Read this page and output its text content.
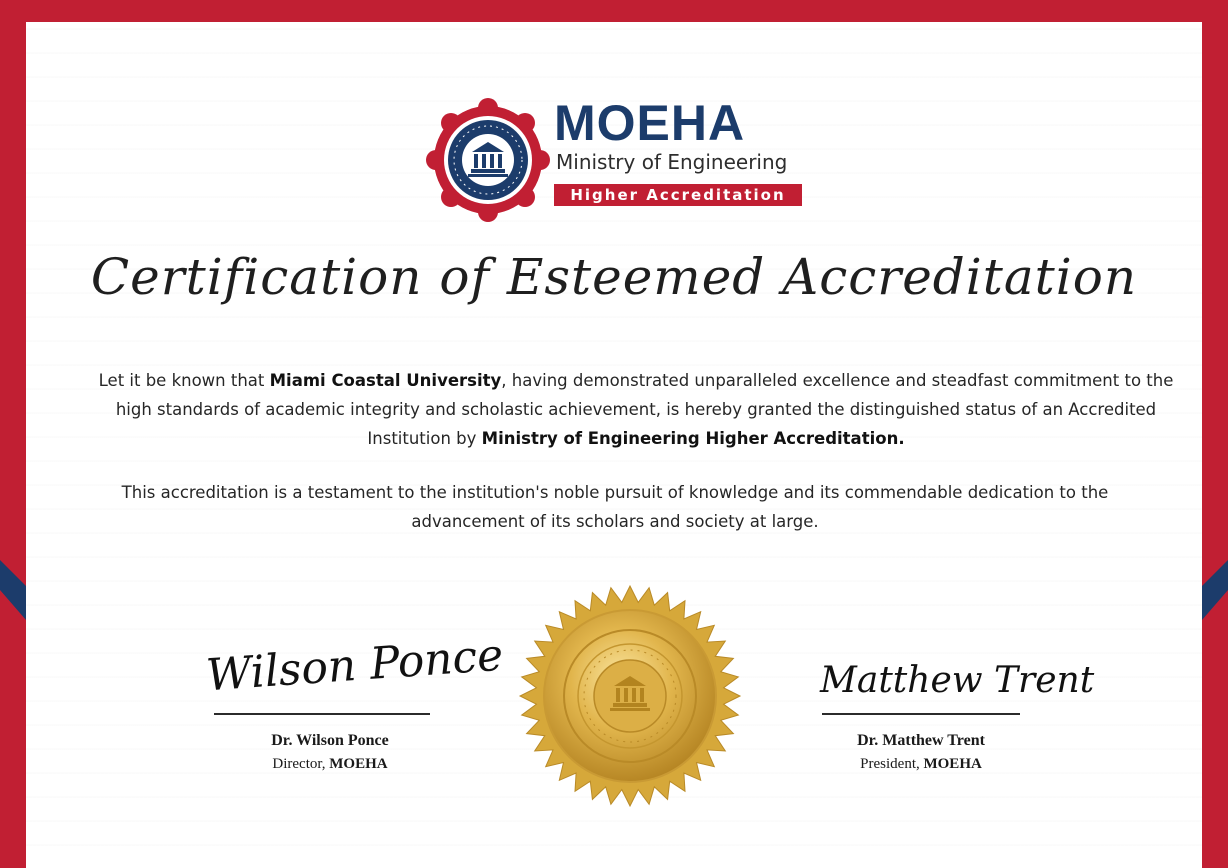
MOEHA
Ministry of Engineering
Higher Accreditation
Certification of Esteemed Accreditation
Let it be known that Miami Coastal University, having demonstrated unparalleled excellence and steadfast commitment to the high standards of academic integrity and scholastic achievement, is hereby granted the distinguished status of an Accredited Institution by Ministry of Engineering Higher Accreditation.
This accreditation is a testament to the institution's noble pursuit of knowledge and its commendable dedication to the advancement of its scholars and society at large.
Wilson Ponce
Dr. Wilson Ponce
Director, MOEHA
Matthew Trent
Dr. Matthew Trent
President, MOEHA
